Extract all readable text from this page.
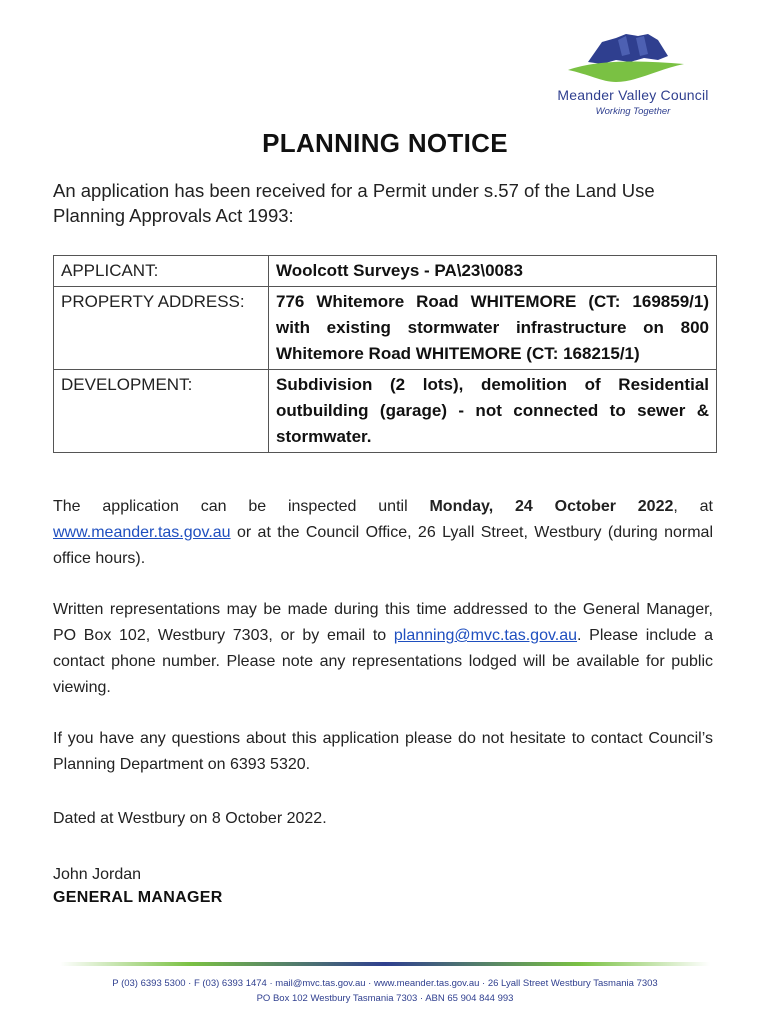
Meander Valley Council
Working Together
PLANNING NOTICE
An application has been received for a Permit under s.57 of the Land Use Planning Approvals Act 1993:
APPLICANT:	Woolcott Surveys - PA\23\0083
PROPERTY ADDRESS:	776 Whitemore Road WHITEMORE (CT: 169859/1) with existing stormwater infrastructure on 800 Whitemore Road WHITEMORE (CT: 168215/1)
DEVELOPMENT:	Subdivision (2 lots), demolition of Residential outbuilding (garage) - not connected to sewer & stormwater.
The application can be inspected until Monday, 24 October 2022, at www.meander.tas.gov.au or at the Council Office, 26 Lyall Street, Westbury (during normal office hours).
Written representations may be made during this time addressed to the General Manager, PO Box 102, Westbury 7303, or by email to planning@mvc.tas.gov.au. Please include a contact phone number. Please note any representations lodged will be available for public viewing.
If you have any questions about this application please do not hesitate to contact Council’s Planning Department on 6393 5320.
Dated at Westbury on 8 October 2022.
John Jordan
GENERAL MANAGER
P (03) 6393 5300 · F (03) 6393 1474 · mail@mvc.tas.gov.au · www.meander.tas.gov.au · 26 Lyall Street Westbury Tasmania 7303
PO Box 102 Westbury Tasmania 7303 · ABN 65 904 844 993
